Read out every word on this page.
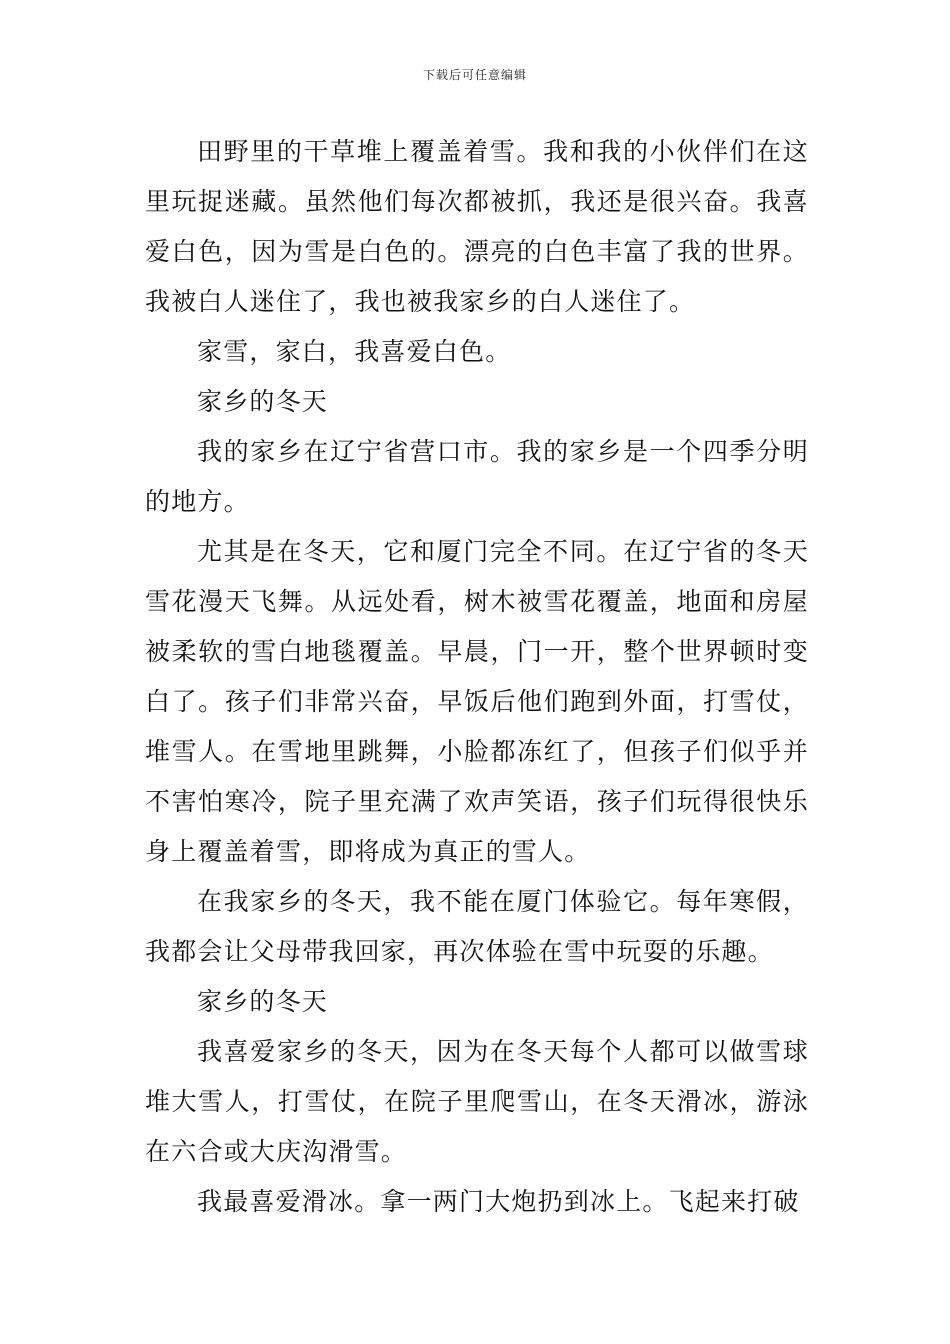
下载后可任意编辑

田野里的干草堆上覆盖着雪。我和我的小伙伴们在这里玩捉迷藏。虽然他们每次都被抓，我还是很兴奋。我喜爱白色，因为雪是白色的。漂亮的白色丰富了我的世界。我被白人迷住了，我也被我家乡的白人迷住了。

家雪，家白，我喜爱白色。

家乡的冬天

我的家乡在辽宁省营口市。我的家乡是一个四季分明的地方。

尤其是在冬天，它和厦门完全不同。在辽宁省的冬天雪花漫天飞舞。从远处看，树木被雪花覆盖，地面和房屋被柔软的雪白地毯覆盖。早晨，门一开，整个世界顿时变白了。孩子们非常兴奋，早饭后他们跑到外面，打雪仗，堆雪人。在雪地里跳舞，小脸都冻红了，但孩子们似乎并不害怕寒冷，院子里充满了欢声笑语，孩子们玩得很快乐身上覆盖着雪，即将成为真正的雪人。

在我家乡的冬天，我不能在厦门体验它。每年寒假，我都会让父母带我回家，再次体验在雪中玩耍的乐趣。

家乡的冬天

我喜爱家乡的冬天，因为在冬天每个人都可以做雪球堆大雪人，打雪仗，在院子里爬雪山，在冬天滑冰，游泳在六合或大庆沟滑雪。

我最喜爱滑冰。拿一两门大炮扔到冰上。飞起来打破
